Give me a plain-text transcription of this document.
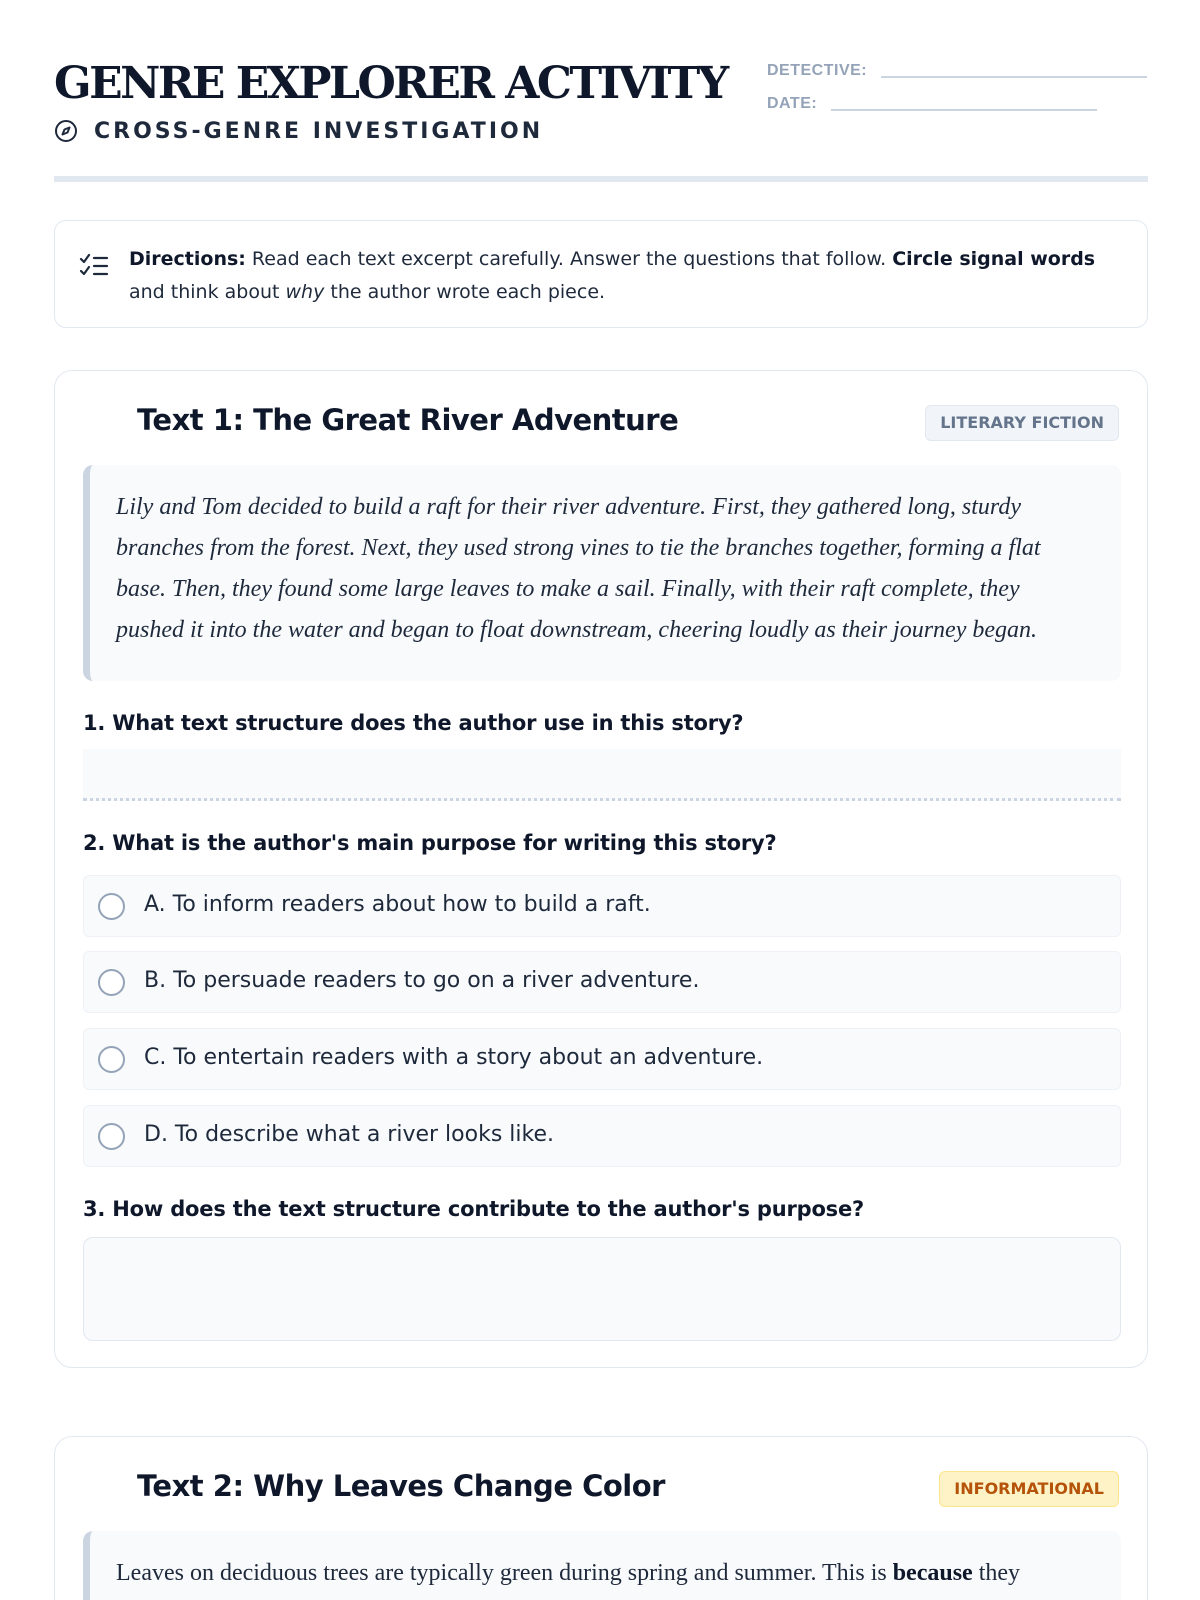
GENRE EXPLORER ACTIVITY
CROSS-GENRE INVESTIGATION
DETECTIVE:
DATE:
Directions: Read each text excerpt carefully. Answer the questions that follow. Circle signal words and think about why the author wrote each piece.
Text 1: The Great River Adventure	LITERARY FICTION
Lily and Tom decided to build a raft for their river adventure. First, they gathered long, sturdy branches from the forest. Next, they used strong vines to tie the branches together, forming a flat base. Then, they found some large leaves to make a sail. Finally, with their raft complete, they pushed it into the water and began to float downstream, cheering loudly as their journey began.
1. What text structure does the author use in this story?
2. What is the author's main purpose for writing this story?
A. To inform readers about how to build a raft.
B. To persuade readers to go on a river adventure.
C. To entertain readers with a story about an adventure.
D. To describe what a river looks like.
3. How does the text structure contribute to the author's purpose?
Text 2: Why Leaves Change Color	INFORMATIONAL
Leaves on deciduous trees are typically green during spring and summer. This is because they
